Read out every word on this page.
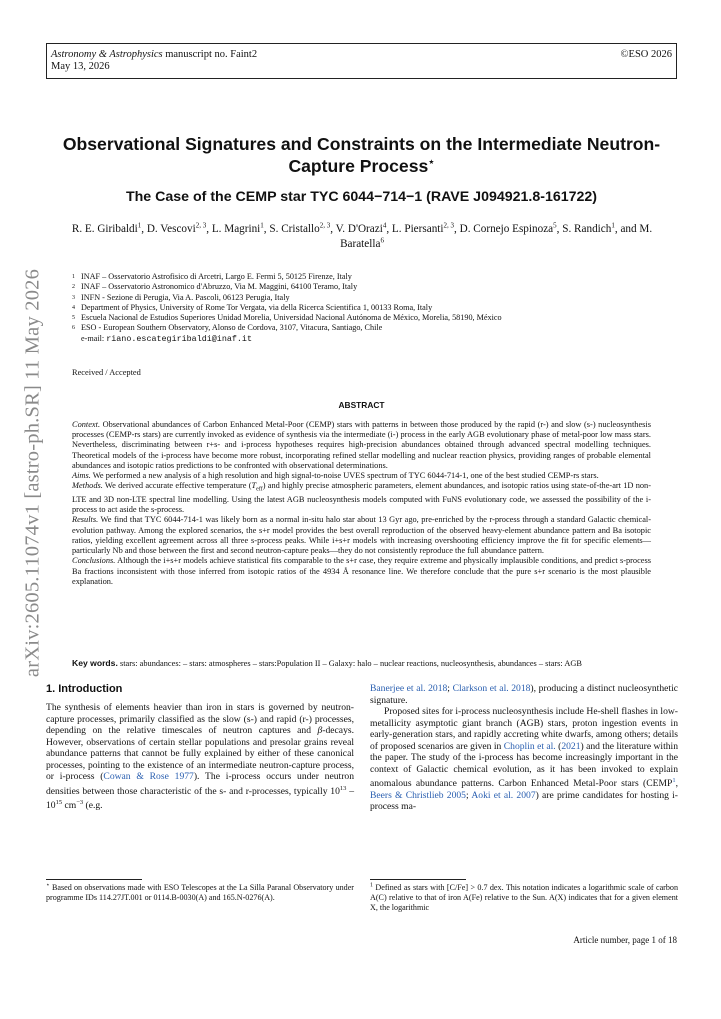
Astronomy & Astrophysics manuscript no. Faint2
May 13, 2026
©ESO 2026
arXiv:2605.11074v1 [astro-ph.SR] 11 May 2026
Observational Signatures and Constraints on the Intermediate Neutron-Capture Process⋆
The Case of the CEMP star TYC 6044−714−1 (RAVE J094921.8-161722)
R. E. Giribaldi$^1$, D. Vescovi$^{2, 3}$, L. Magrini$^1$, S. Cristallo$^{2, 3}$, V. D'Orazi$^4$, L. Piersanti$^{2, 3}$, D. Cornejo Espinoza$^5$, S. Randich$^1$, and M. Baratella$^6$
1 INAF – Osservatorio Astrofisico di Arcetri, Largo E. Fermi 5, 50125 Firenze, Italy
2 INAF – Osservatorio Astronomico d'Abruzzo, Via M. Maggini, 64100 Teramo, Italy
3 INFN - Sezione di Perugia, Via A. Pascoli, 06123 Perugia, Italy
4 Department of Physics, University of Rome Tor Vergata, via della Ricerca Scientifica 1, 00133 Roma, Italy
5 Escuela Nacional de Estudios Superiores Unidad Morelia, Universidad Nacional Autónoma de México, Morelia, 58190, México
6 ESO - European Southern Observatory, Alonso de Cordova, 3107, Vitacura, Santiago, Chile
e-mail: riano.escategiribaldi@inaf.it
Received / Accepted
ABSTRACT

Context. Observational abundances of Carbon Enhanced Metal-Poor (CEMP) stars with patterns in between those produced by the rapid (r-) and slow (s-) nucleosynthesis processes (CEMP-rs stars) are currently invoked as evidence of synthesis via the intermediate (i-) process in the early AGB evolutionary phase of metal-poor low mass stars. Nevertheless, discriminating between r+s- and i-process hypotheses requires high-precision abundances obtained through advanced spectral modelling techniques. Theoretical models of the i-process have become more robust, incorporating refined stellar modelling and nuclear reaction physics, providing ranges of probable elemental abundances and isotopic ratios predictions to be confronted with observational determinations.

Aims. We performed a new analysis of a high resolution and high signal-to-noise UVES spectrum of TYC 6044-714-1, one of the best studied CEMP-rs stars.

Methods. We derived accurate effective temperature $(T_{eff})$ and highly precise atmospheric parameters, element abundances, and isotopic ratios using state-of-the-art 1D non-LTE and 3D non-LTE spectral line modelling. Using the latest AGB nucleosynthesis models computed with FuNS evolutionary code, we assessed the possibility of the i-process to act aside the s-process.

Results. We find that TYC 6044-714-1 was likely born as a normal in-situ halo star about 13 Gyr ago, pre-enriched by the r-process through a standard Galactic chemical-evolution pathway. Among the explored scenarios, the s+r model provides the best overall reproduction of the observed heavy-element abundance pattern and Ba isotopic ratios, yielding excellent agreement across all three s-process peaks. While i+s+r models with increasing overshooting efficiency improve the fit for specific elements—particularly Nb and those between the first and second neutron-capture peaks—they do not consistently reproduce the full abundance pattern.

Conclusions. Although the i+s+r models achieve statistical fits comparable to the s+r case, they require extreme and physically implausible conditions, and predict s-process Ba fractions inconsistent with those inferred from isotopic ratios of the 4934 Å resonance line. We therefore conclude that the pure s+r scenario is the most plausible explanation.

Key words. stars: abundances: – stars: atmospheres – stars:Population II – Galaxy: halo – nuclear reactions, nucleosynthesis, abundances – stars: AGB
1. Introduction
The synthesis of elements heavier than iron in stars is governed by neutron-capture processes, primarily classified as the slow (s-) and rapid (r-) processes, depending on the relative timescales of neutron captures and β-decays. However, observations of certain stellar populations and presolar grains reveal abundance patterns that cannot be fully explained by either of these canonical processes, pointing to the existence of an intermediate neutron-capture process, or i-process (Cowan & Rose 1977). The i-process occurs under neutron densities between those characteristic of the s- and r-processes, typically $10^{13} - 10^{15}$ $cm^{-3}$ (e.g.
Banerjee et al. 2018; Clarkson et al. 2018), producing a distinct nucleosynthetic signature.
Proposed sites for i-process nucleosynthesis include He-shell flashes in low-metallicity asymptotic giant branch (AGB) stars, proton ingestion events in early-generation stars, and rapidly accreting white dwarfs, among others; details of proposed scenarios are given in Choplin et al. (2021) and the literature within the paper. The study of the i-process has become increasingly important in the context of Galactic chemical evolution, as it has been invoked to explain anomalous abundance patterns. Carbon Enhanced Metal-Poor stars (CEMP$^1$, Beers & Christlieb 2005; Aoki et al. 2007) are prime candidates for hosting i-process ma-
⋆ Based on observations made with ESO Telescopes at the La Silla Paranal Observatory under programme IDs 114.27JT.001 or 0114.B-0030(A) and 165.N-0276(A).
$^1$ Defined as stars with [C/Fe] > 0.7 dex. This notation indicates a logarithmic scale of carbon A(C) relative to that of iron A(Fe) relative to the Sun. A(X) indicates that for a given element X, the logarithmic
Article number, page 1 of 18
